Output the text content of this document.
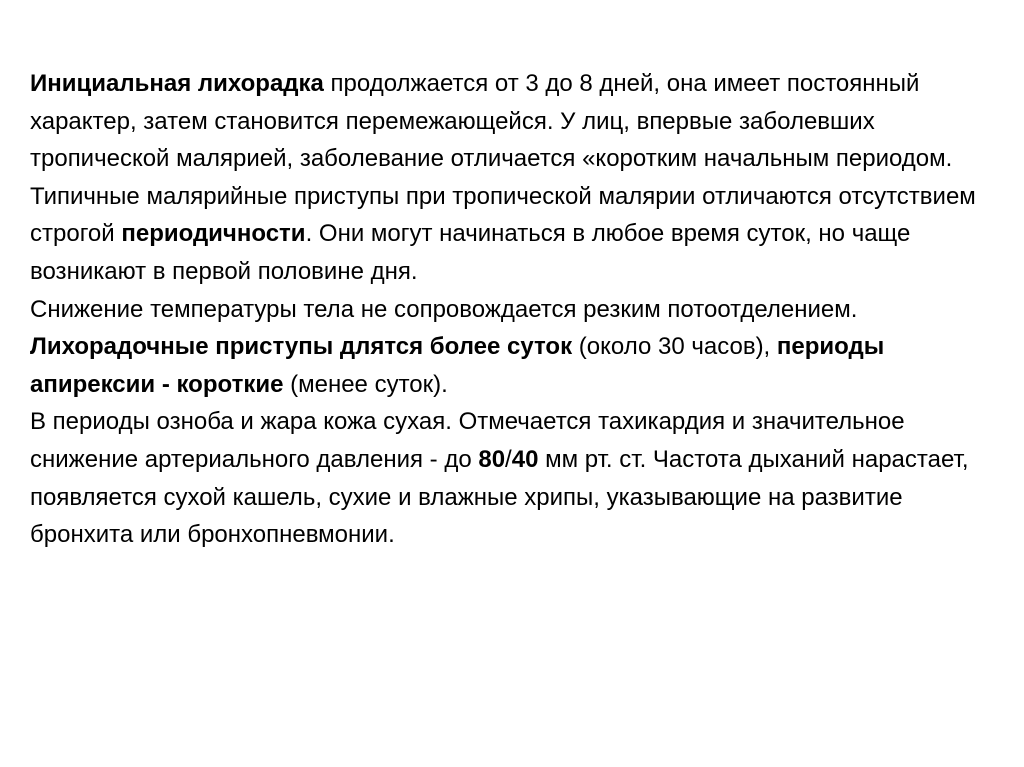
Инициальная лихорадка продолжается от 3 до 8 дней, она имеет постоянный характер, затем становится перемежающейся. У лиц, впервые заболевших тропической малярией, заболевание отличается «коротким начальным периодом.

Типичные малярийные приступы при тропической малярии отличаются отсутствием строгой периодичности. Они могут начинаться в любое время суток, но чаще возникают в первой половине дня.

Снижение температуры тела не сопровождается резким потоотделением.

Лихорадочные приступы длятся более суток (около 30 часов), периоды апирексии - короткие (менее суток).

В периоды озноба и жара кожа сухая. Отмечается тахикардия и значительное снижение артериального давления - до 80/40 мм рт. ст. Частота дыханий нарастает, появляется сухой кашель, сухие и влажные хрипы, указывающие на развитие бронхита или бронхопневмонии.
